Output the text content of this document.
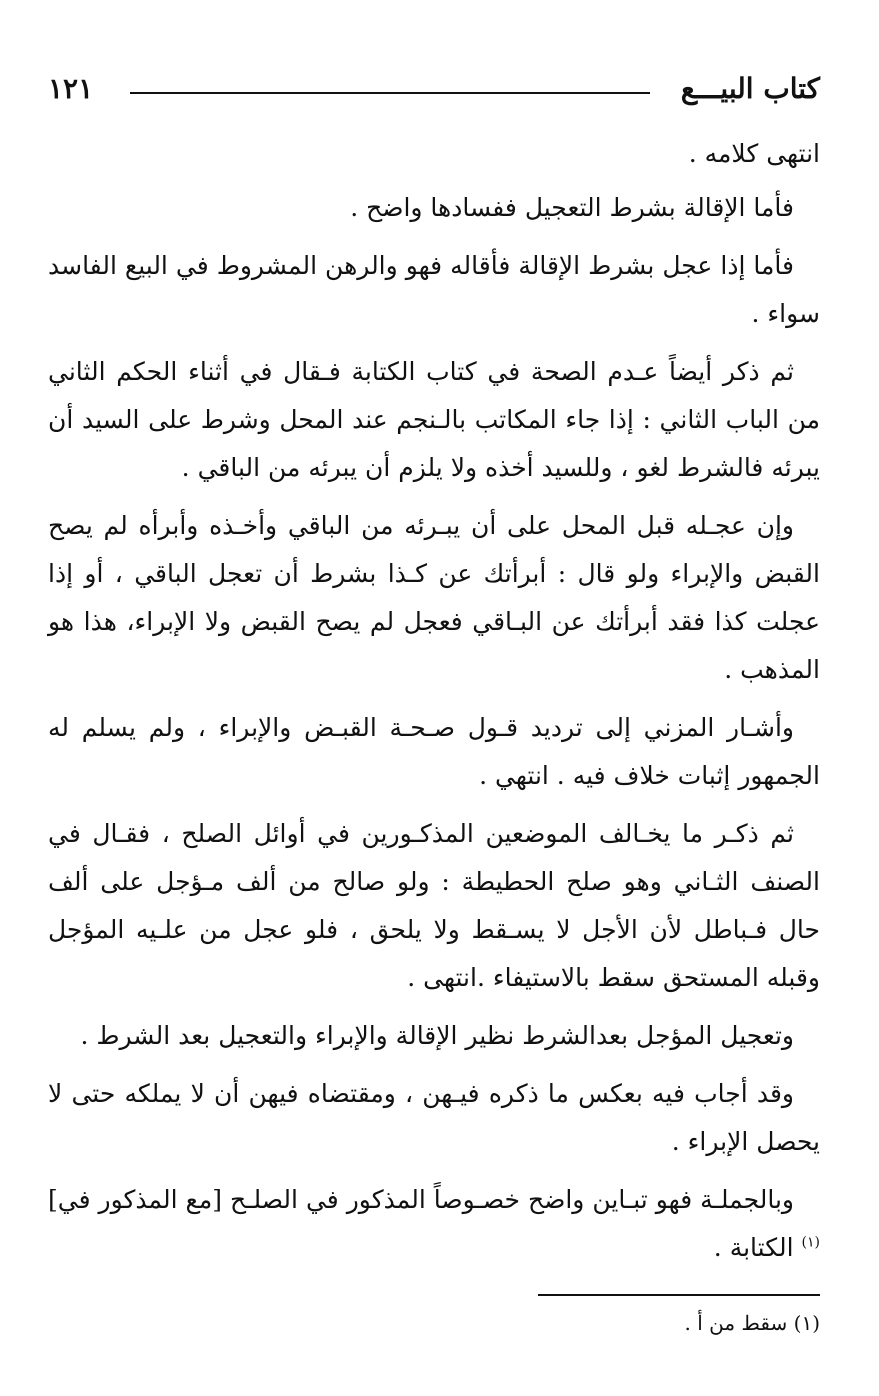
كتاب البيـــع
١٢١

انتهى كلامه .

فأما الإقالة بشرط التعجيل ففسادها واضح .

فأما إذا عجل بشرط الإقالة فأقاله فهو والرهن المشروط في البيع الفاسد سواء .

ثم ذكر أيضاً عـدم الصحة في كتاب الكتابة فـقال في أثناء الحكم الثاني من الباب الثاني : إذا جاء المكاتب بالـنجم عند المحل وشرط على السيد أن يبرئه فالشرط لغو ، وللسيد أخذه ولا يلزم أن يبرئه من الباقي .

وإن عجـله قبل المحل على أن يبـرئه من الباقي وأخـذه وأبرأه لم يصح القبض والإبراء ولو قال : أبرأتك عن كـذا بشرط أن تعجل الباقي ، أو إذا عجلت كذا فقد أبرأتك عن البـاقي فعجل لم يصح القبض ولا الإبراء، هذا هو المذهب .

وأشـار المزني إلى ترديد قـول صـحـة القبـض والإبراء ، ولم يسلم له الجمهور إثبات خلاف فيه . انتهي .

ثم ذكـر ما يخـالف الموضعين المذكـورين في أوائل الصلح ، فقـال في الصنف الثـاني وهو صلح الحطيطة : ولو صالح من ألف مـؤجل على ألف حال فـباطل لأن الأجل لا يسـقط ولا يلحق ، فلو عجل من علـيه المؤجل وقبله المستحق سقط بالاستيفاء .انتهى .

وتعجيل المؤجل بعدالشرط نظير الإقالة والإبراء والتعجيل بعد الشرط .

وقد أجاب فيه بعكس ما ذكره فيـهن ، ومقتضاه فيهن أن لا يملكه حتى لا يحصل الإبراء .

وبالجملـة فهو تبـاين واضح خصـوصاً المذكور في الصلـح [مع المذكور في]$^{(١)}$ الكتابة .

(١) سقط من أ .
